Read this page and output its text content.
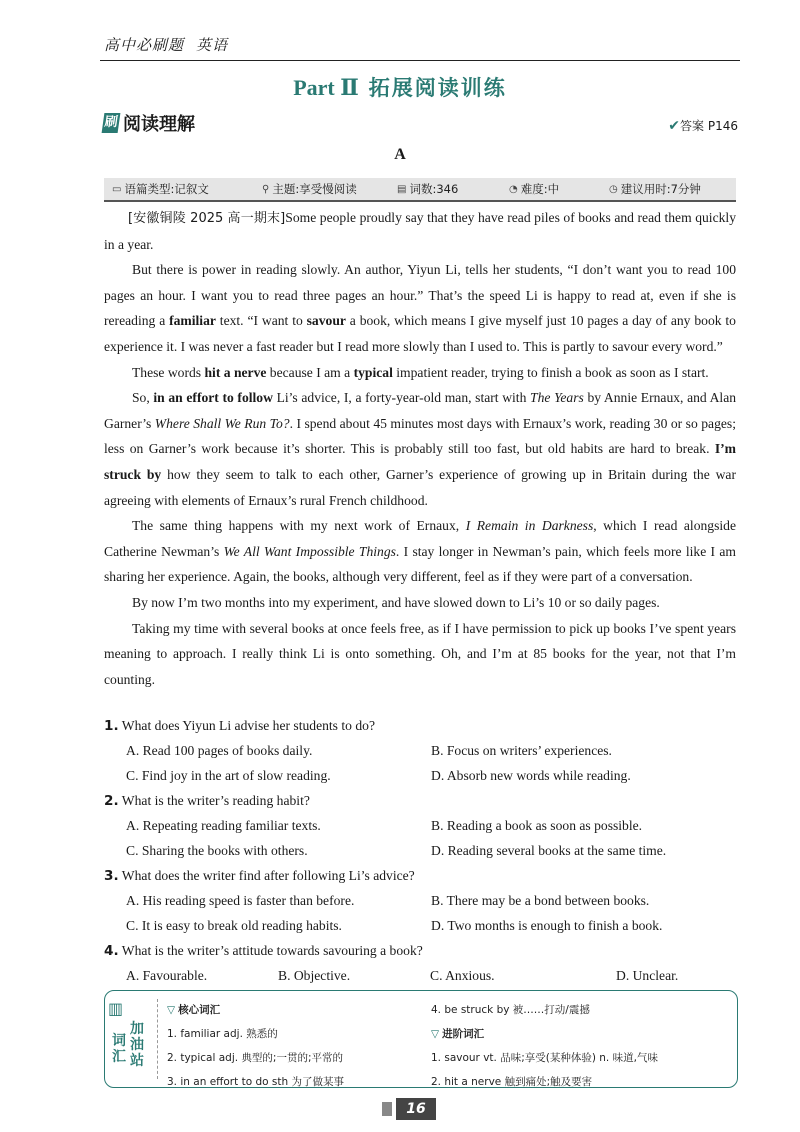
高中必刷题 英语
Part Ⅱ 拓展阅读训练
刷 阅读理解	✔答案 P146
A
▭ 语篇类型:记叙文	⚲ 主题:享受慢阅读	▤ 词数:346	◔ 难度:中	◷ 建议用时:7分钟

[安徽铜陵 2025 高一期末]Some people proudly say that they have read piles of books and read them quickly in a year.

But there is power in reading slowly. An author, Yiyun Li, tells her students, “I don’t want you to read 100 pages an hour. I want you to read three pages an hour.” That’s the speed Li is happy to read at, even if she is rereading a familiar text. “I want to savour a book, which means I give myself just 10 pages a day of any book to experience it. I was never a fast reader but I read more slowly than I used to. This is partly to savour every word.”

These words hit a nerve because I am a typical impatient reader, trying to finish a book as soon as I start.

So, in an effort to follow Li’s advice, I, a forty-year-old man, start with The Years by Annie Ernaux, and Alan Garner’s Where Shall We Run To?. I spend about 45 minutes most days with Ernaux’s work, reading 30 or so pages; less on Garner’s work because it’s shorter. This is probably still too fast, but old habits are hard to break. I’m struck by how they seem to talk to each other, Garner’s experience of growing up in Britain during the war agreeing with elements of Ernaux’s rural French childhood.

The same thing happens with my next work of Ernaux, I Remain in Darkness, which I read alongside Catherine Newman’s We All Want Impossible Things. I stay longer in Newman’s pain, which feels more like I am sharing her experience. Again, the books, although very different, feel as if they were part of a conversation.

By now I’m two months into my experiment, and have slowed down to Li’s 10 or so daily pages.

Taking my time with several books at once feels free, as if I have permission to pick up books I’ve spent years meaning to approach. I really think Li is onto something. Oh, and I’m at 85 books for the year, not that I’m counting.

1. What does Yiyun Li advise her students to do?
A. Read 100 pages of books daily.	B. Focus on writers’ experiences.
C. Find joy in the art of slow reading.	D. Absorb new words while reading.
2. What is the writer’s reading habit?
A. Repeating reading familiar texts.	B. Reading a book as soon as possible.
C. Sharing the books with others.	D. Reading several books at the same time.
3. What does the writer find after following Li’s advice?
A. His reading speed is faster than before.	B. There may be a bond between books.
C. It is easy to break old reading habits.	D. Two months is enough to finish a book.
4. What is the writer’s attitude towards savouring a book?
A. Favourable.	B. Objective.	C. Anxious.	D. Unclear.
▥
词汇
加油站
▽ 核心词汇
1. familiar adj. 熟悉的
2. typical adj. 典型的;一贯的;平常的
3. in an effort to do sth 为了做某事
4. be struck by 被……打动/震撼
▽ 进阶词汇
1. savour vt. 品味;享受(某种体验) n. 味道,气味
2. hit a nerve 触到痛处;触及要害
16
